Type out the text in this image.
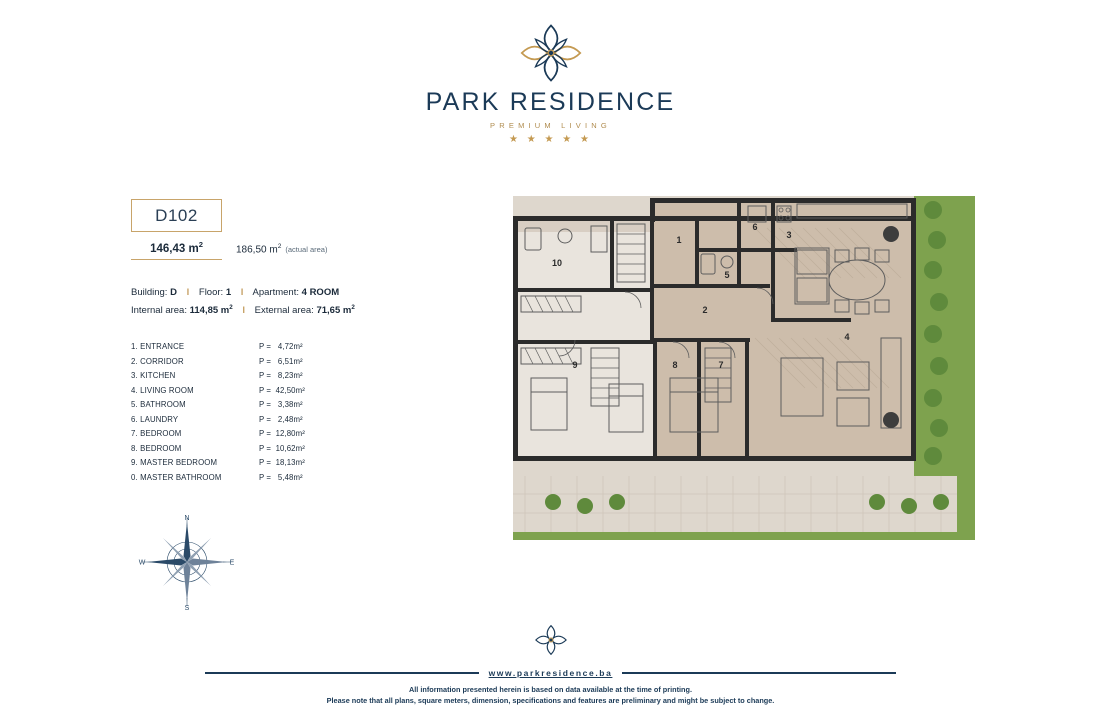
PARK RESIDENCE
PREMIUM LIVING
★ ★ ★ ★ ★
D102
146,43 $m^2$	186,50 $m^2$ (actual area)
Building: D I Floor: 1 I Apartment: 4 ROOM
Internal area: 114,85 $m^2$ I External area: 71,65 $m^2$
1. ENTRANCE	P =   4,72m²
2. CORRIDOR	P =   6,51m²
3. KITCHEN	P =   8,23m²
4. LIVING ROOM	P =  42,50m²
5. BATHROOM	P =   3,38m²
6. LAUNDRY	P =   2,48m²
7. BEDROOM	P =  12,80m²
8. BEDROOM	P =  10,62m²
9. MASTER BEDROOM	P =  18,13m²
0. MASTER BATHROOM	P =   5,48m²
N
S
E
W
1
2
3
4
5
6
7
8
9
10
www.parkresidence.ba
All information presented herein is based on data available at the time of printing.
Please note that all plans, square meters, dimension, specifications and features are preliminary and might be subject to change.
